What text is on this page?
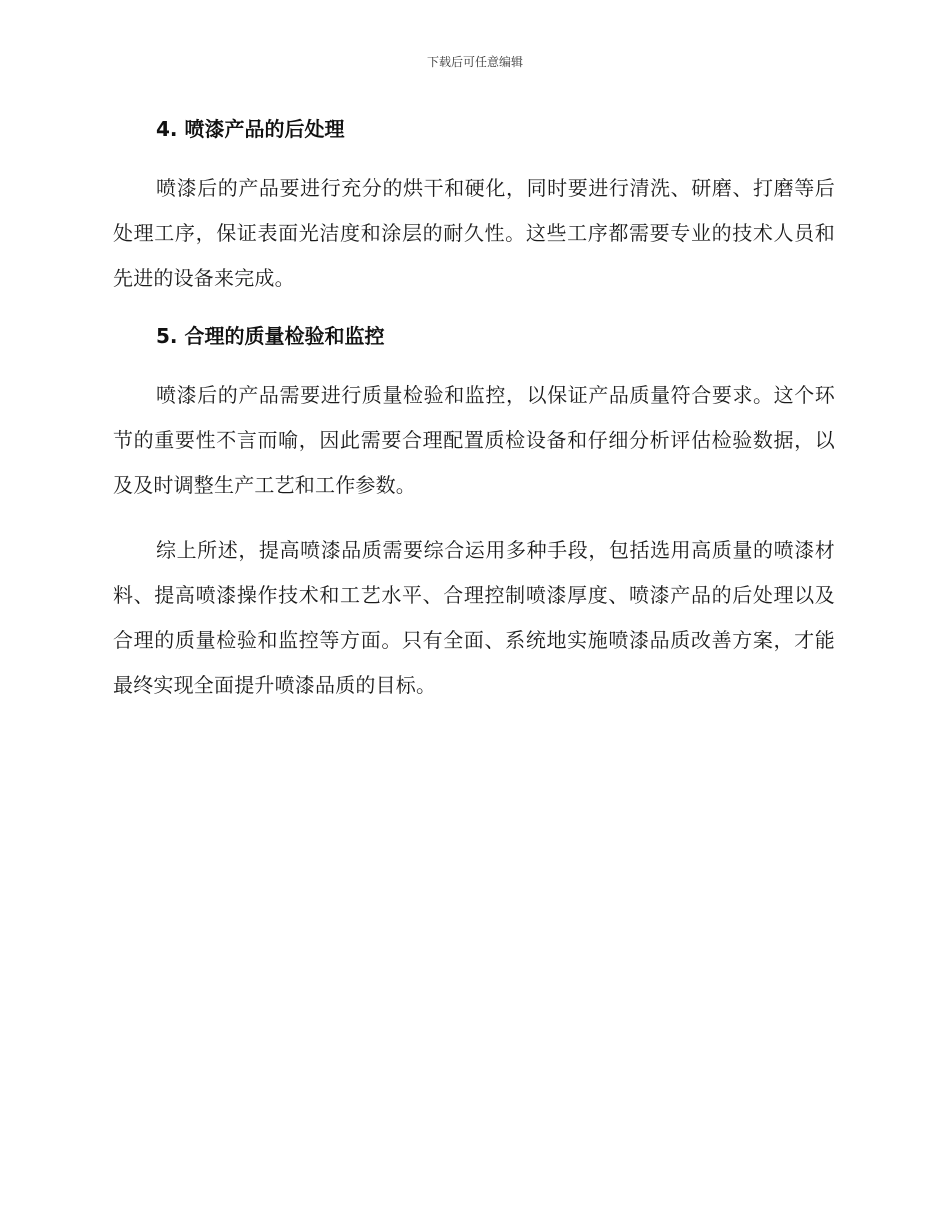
下载后可任意编辑
4. 喷漆产品的后处理

喷漆后的产品要进行充分的烘干和硬化，同时要进行清洗、研磨、打磨等后处理工序，保证表面光洁度和涂层的耐久性。这些工序都需要专业的技术人员和先进的设备来完成。

5. 合理的质量检验和监控

喷漆后的产品需要进行质量检验和监控，以保证产品质量符合要求。这个环节的重要性不言而喻，因此需要合理配置质检设备和仔细分析评估检验数据，以及及时调整生产工艺和工作参数。

综上所述，提高喷漆品质需要综合运用多种手段，包括选用高质量的喷漆材料、提高喷漆操作技术和工艺水平、合理控制喷漆厚度、喷漆产品的后处理以及合理的质量检验和监控等方面。只有全面、系统地实施喷漆品质改善方案，才能最终实现全面提升喷漆品质的目标。
